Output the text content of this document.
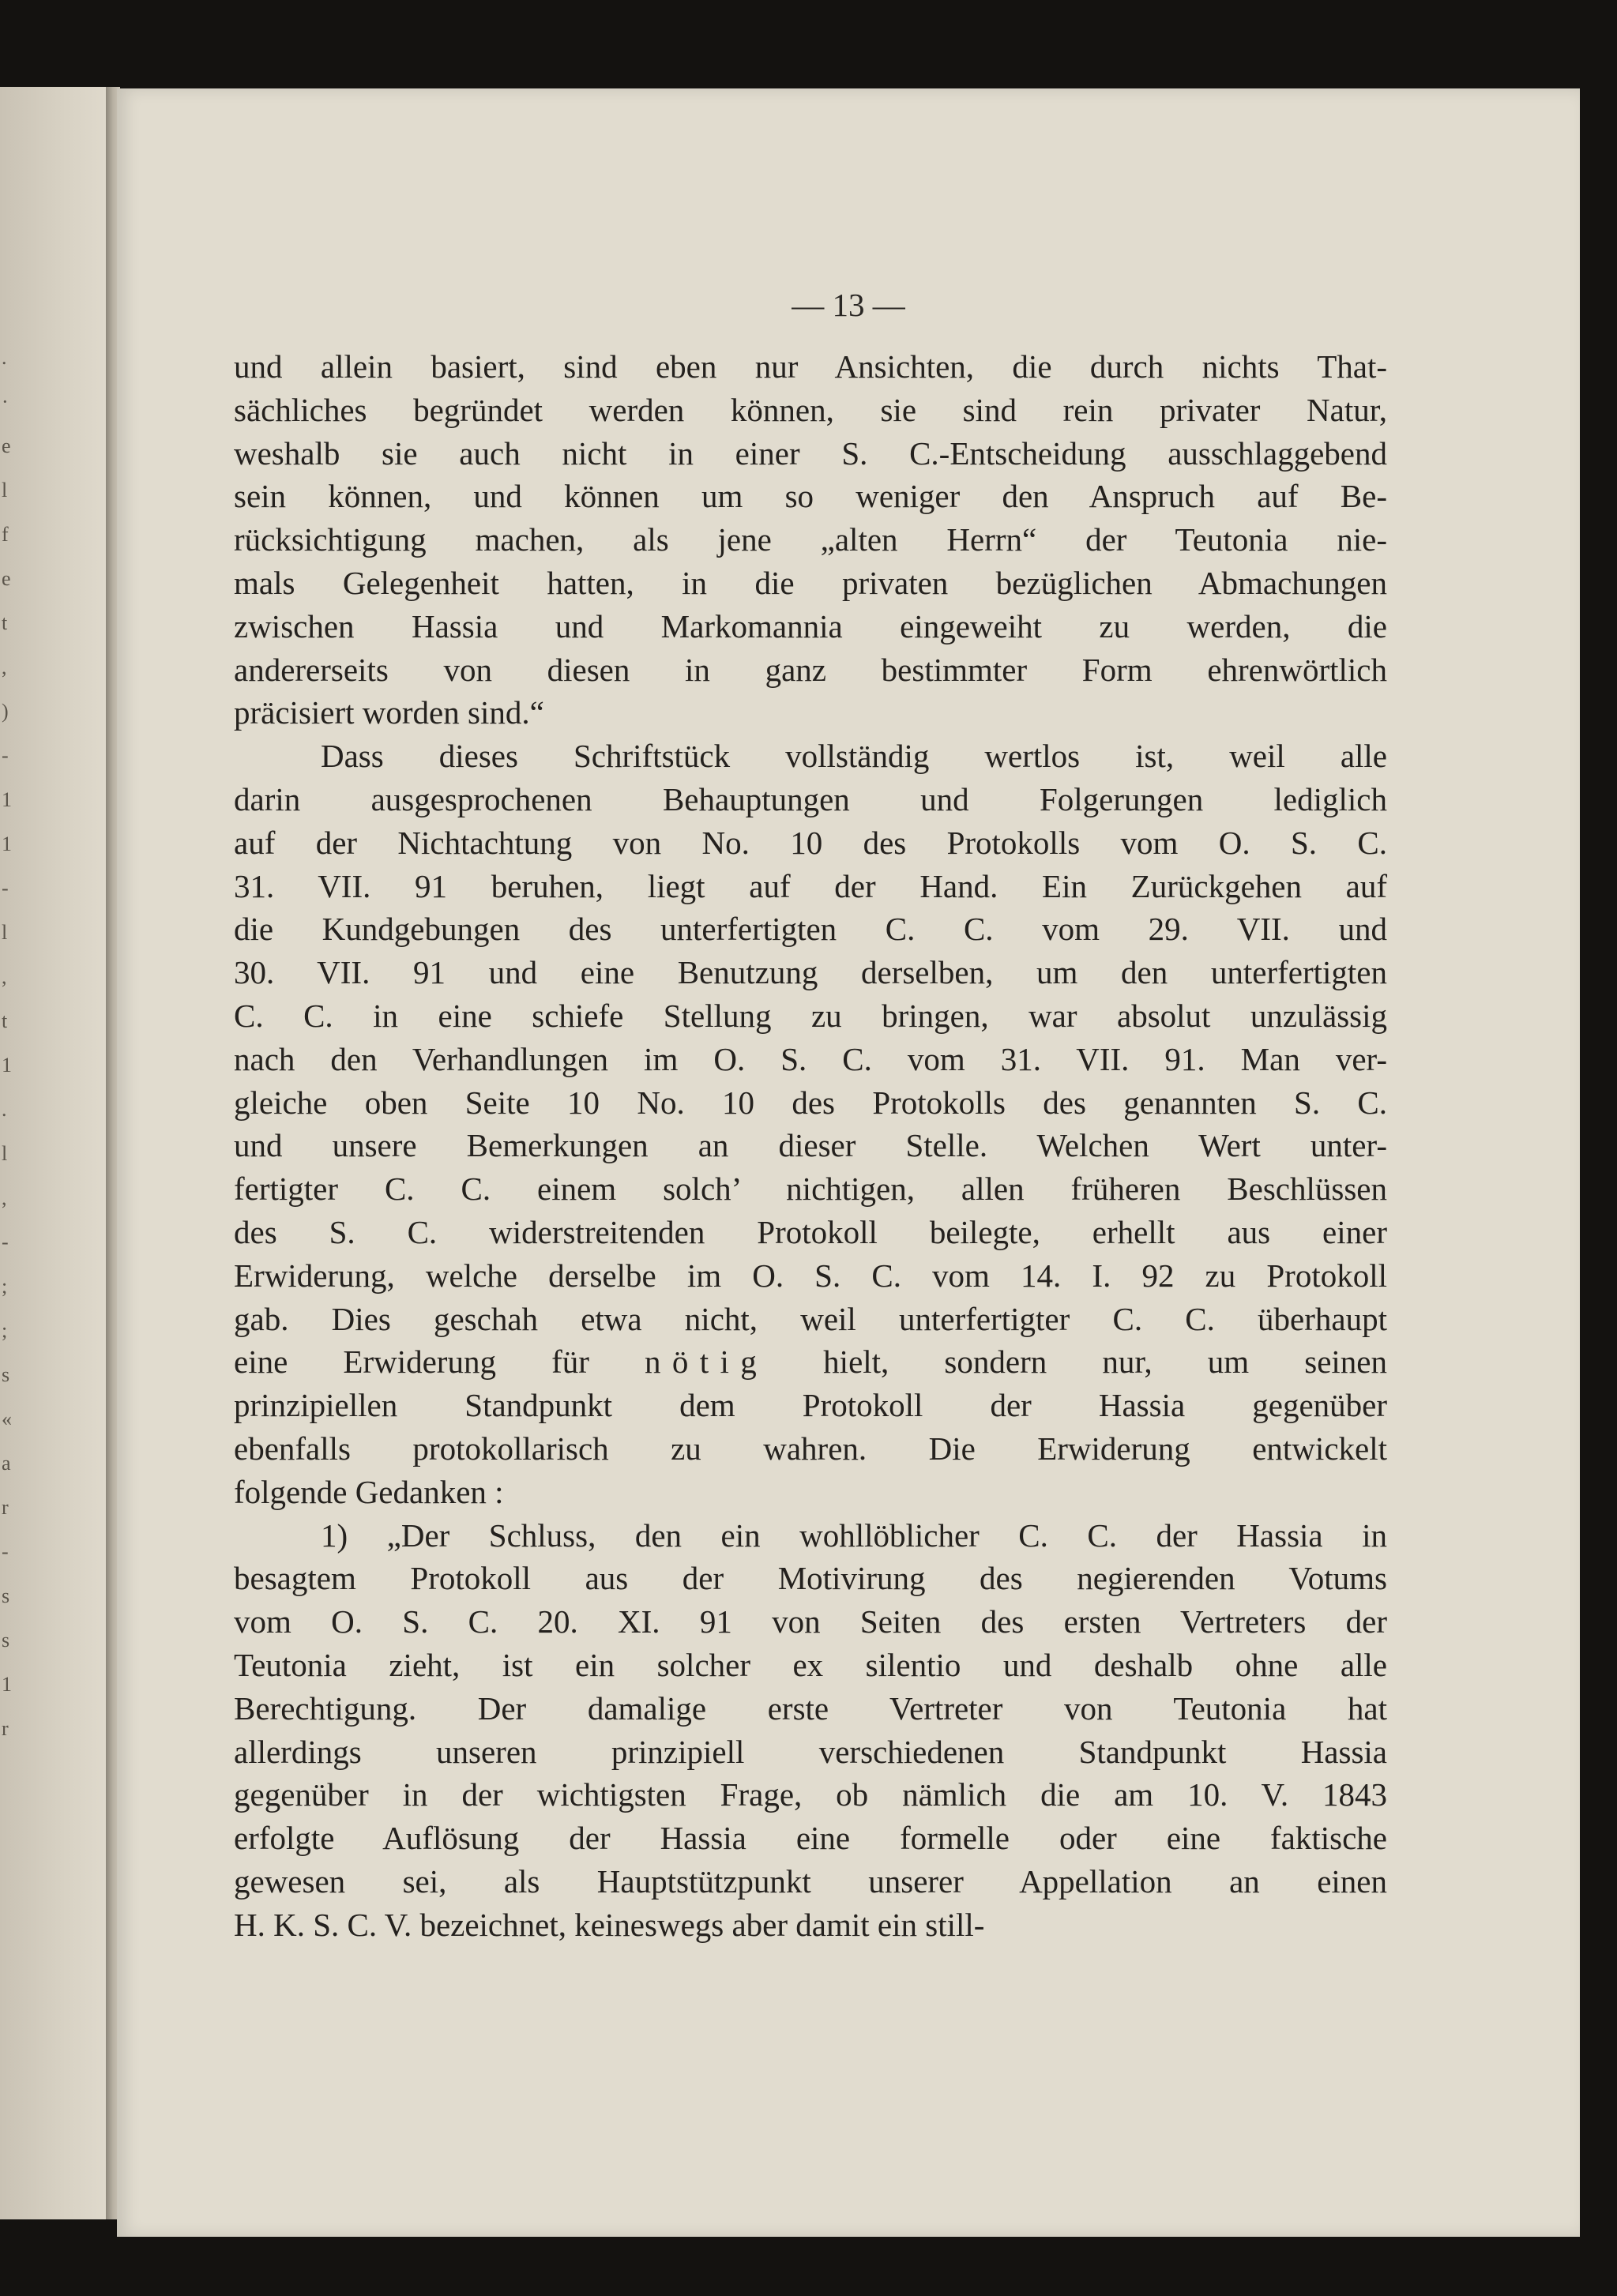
.
·
e
l
f
e
t
,
)
-
1
1
-
l
,
t
1
.
l
,
-
;
;
s
«
a
r
-
s
s
1
r
— 13 —
und allein basiert, sind eben nur Ansichten, die durch nichts That-
sächliches begründet werden können, sie sind rein privater Natur,
weshalb sie auch nicht in einer S. C.-Entscheidung ausschlaggebend
sein können, und können um so weniger den Anspruch auf Be-
rücksichtigung machen, als jene „alten Herrn“ der Teutonia nie-
mals Gelegenheit hatten, in die privaten bezüglichen Abmachungen
zwischen Hassia und Markomannia eingeweiht zu werden, die
andererseits von diesen in ganz bestimmter Form ehrenwörtlich
präcisiert worden sind.“
Dass dieses Schriftstück vollständig wertlos ist, weil alle
darin ausgesprochenen Behauptungen und Folgerungen lediglich
auf der Nichtachtung von No. 10 des Protokolls vom O. S. C.
31. VII. 91 beruhen, liegt auf der Hand. Ein Zurückgehen auf
die Kundgebungen des unterfertigten C. C. vom 29. VII. und
30. VII. 91 und eine Benutzung derselben, um den unterfertigten
C. C. in eine schiefe Stellung zu bringen, war absolut unzulässig
nach den Verhandlungen im O. S. C. vom 31. VII. 91. Man ver-
gleiche oben Seite 10 No. 10 des Protokolls des genannten S. C.
und unsere Bemerkungen an dieser Stelle. Welchen Wert unter-
fertigter C. C. einem solch’ nichtigen, allen früheren Beschlüssen
des S. C. widerstreitenden Protokoll beilegte, erhellt aus einer
Erwiderung, welche derselbe im O. S. C. vom 14. I. 92 zu Protokoll
gab. Dies geschah etwa nicht, weil unterfertigter C. C. überhaupt
eine Erwiderung für nötig hielt, sondern nur, um seinen
prinzipiellen Standpunkt dem Protokoll der Hassia gegenüber
ebenfalls protokollarisch zu wahren. Die Erwiderung entwickelt
folgende Gedanken :
1) „Der Schluss, den ein wohllöblicher C. C. der Hassia in
besagtem Protokoll aus der Motivirung des negierenden Votums
vom O. S. C. 20. XI. 91 von Seiten des ersten Vertreters der
Teutonia zieht, ist ein solcher ex silentio und deshalb ohne alle
Berechtigung. Der damalige erste Vertreter von Teutonia hat
allerdings unseren prinzipiell verschiedenen Standpunkt Hassia
gegenüber in der wichtigsten Frage, ob nämlich die am 10. V. 1843
erfolgte Auflösung der Hassia eine formelle oder eine faktische
gewesen sei, als Hauptstützpunkt unserer Appellation an einen
H. K. S. C. V. bezeichnet, keineswegs aber damit ein still-
